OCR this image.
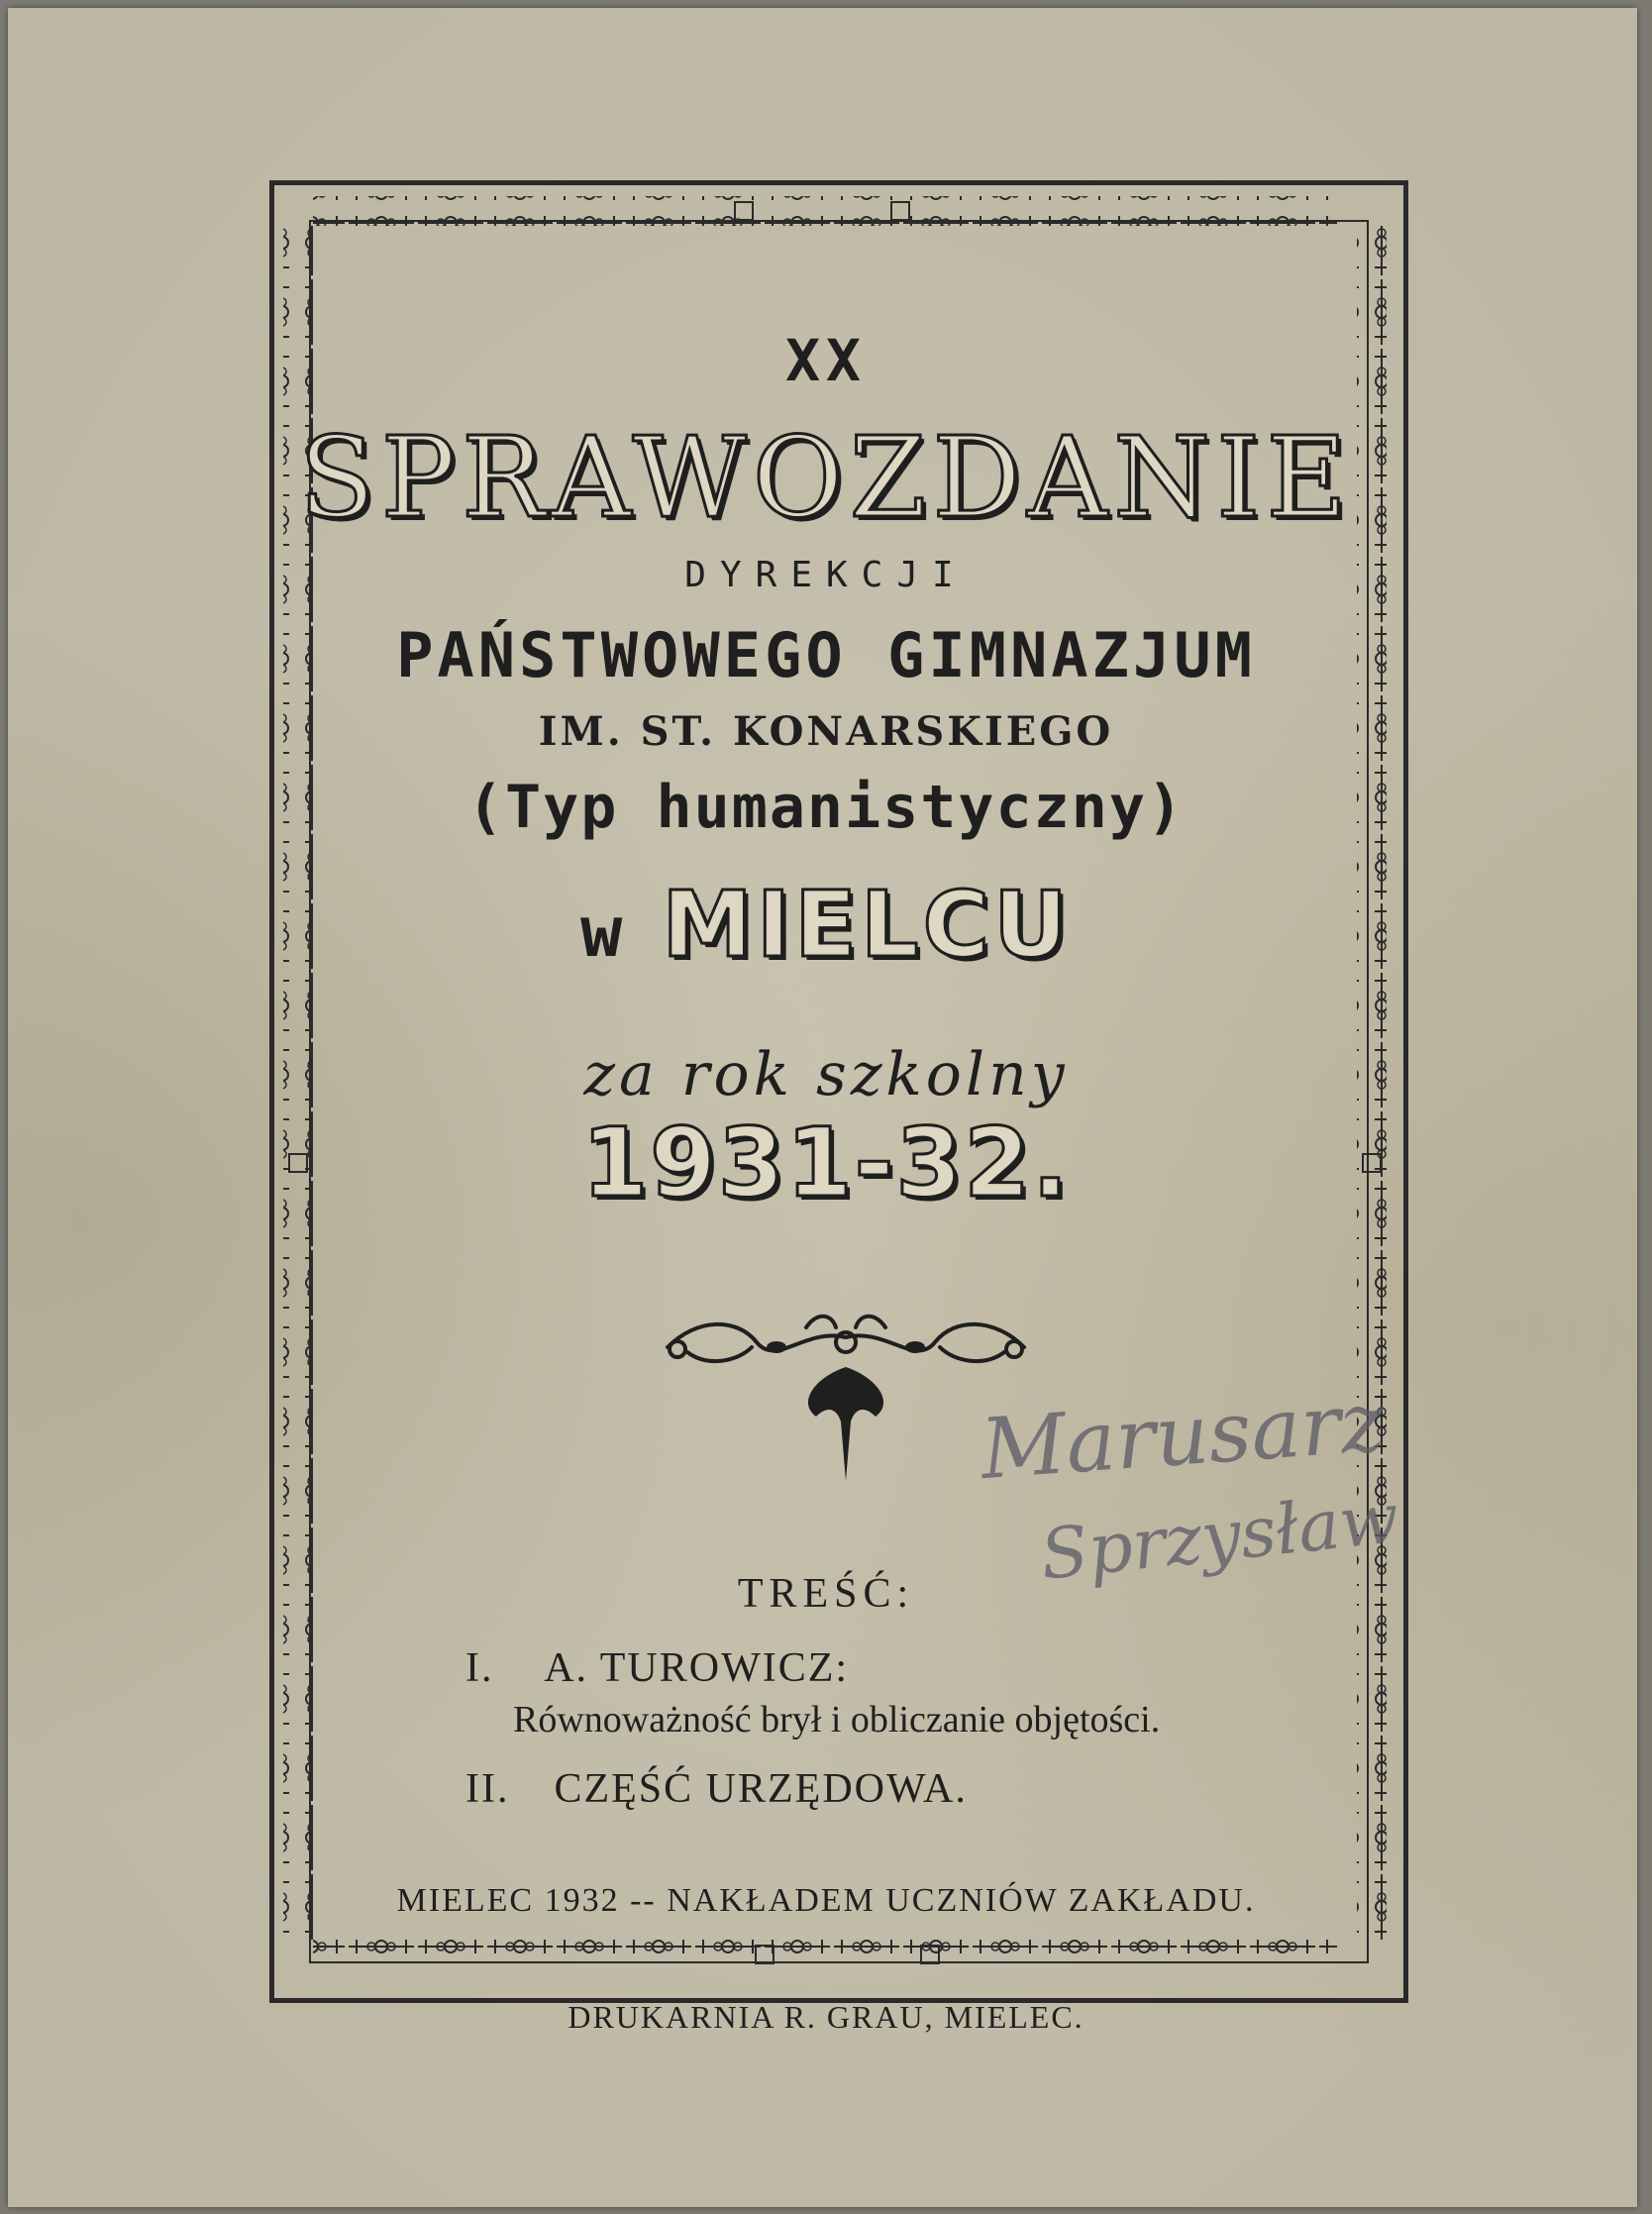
XX
SPRAWOZDANIE
DYREKCJI
PAŃSTWOWEGO GIMNAZJUM
IM. ST. KONARSKIEGO
(Typ humanistyczny)
w MIELCU
za rok szkolny
1931-32.
TREŚĆ:
I. A. TUROWICZ:
Równoważność brył i obliczanie objętości.
II. CZĘŚĆ URZĘDOWA.
MIELEC 1932 -- NAKŁADEM UCZNIÓW ZAKŁADU.
DRUKARNIA R. GRAU, MIELEC.
Marusarz
Sprzysław
